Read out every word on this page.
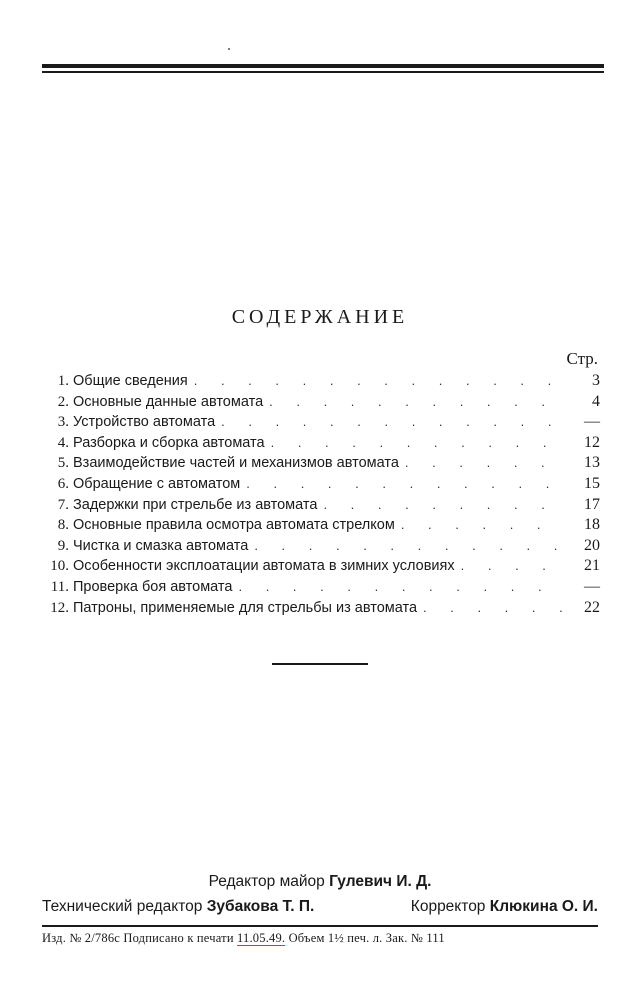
СОДЕРЖАНИЕ
Стр.
1. Общие сведения . . .	3
2. Основные данные автомата . . .	4
3. Устройство автомата . . .	—
4. Разборка и сборка автомата . . .	12
5. Взаимодействие частей и механизмов автомата . . .	13
6. Обращение с автоматом . . .	15
7. Задержки при стрельбе из автомата . . .	17
8. Основные правила осмотра автомата стрелком . . .	18
9. Чистка и смазка автомата . . .	20
10. Особенности эксплоатации автомата в зимних условиях . . .	21
11. Проверка боя автомата . . .	—
12. Патроны, применяемые для стрельбы из автомата . . .	22
Редактор майор Гулевич И. Д.
Технический редактор Зубакова Т. П.	Корректор Клюкина О. И.
Изд. № 2/786с Подписано к печати 11.05.49. Объем 1½ печ. л. Зак. № 111
